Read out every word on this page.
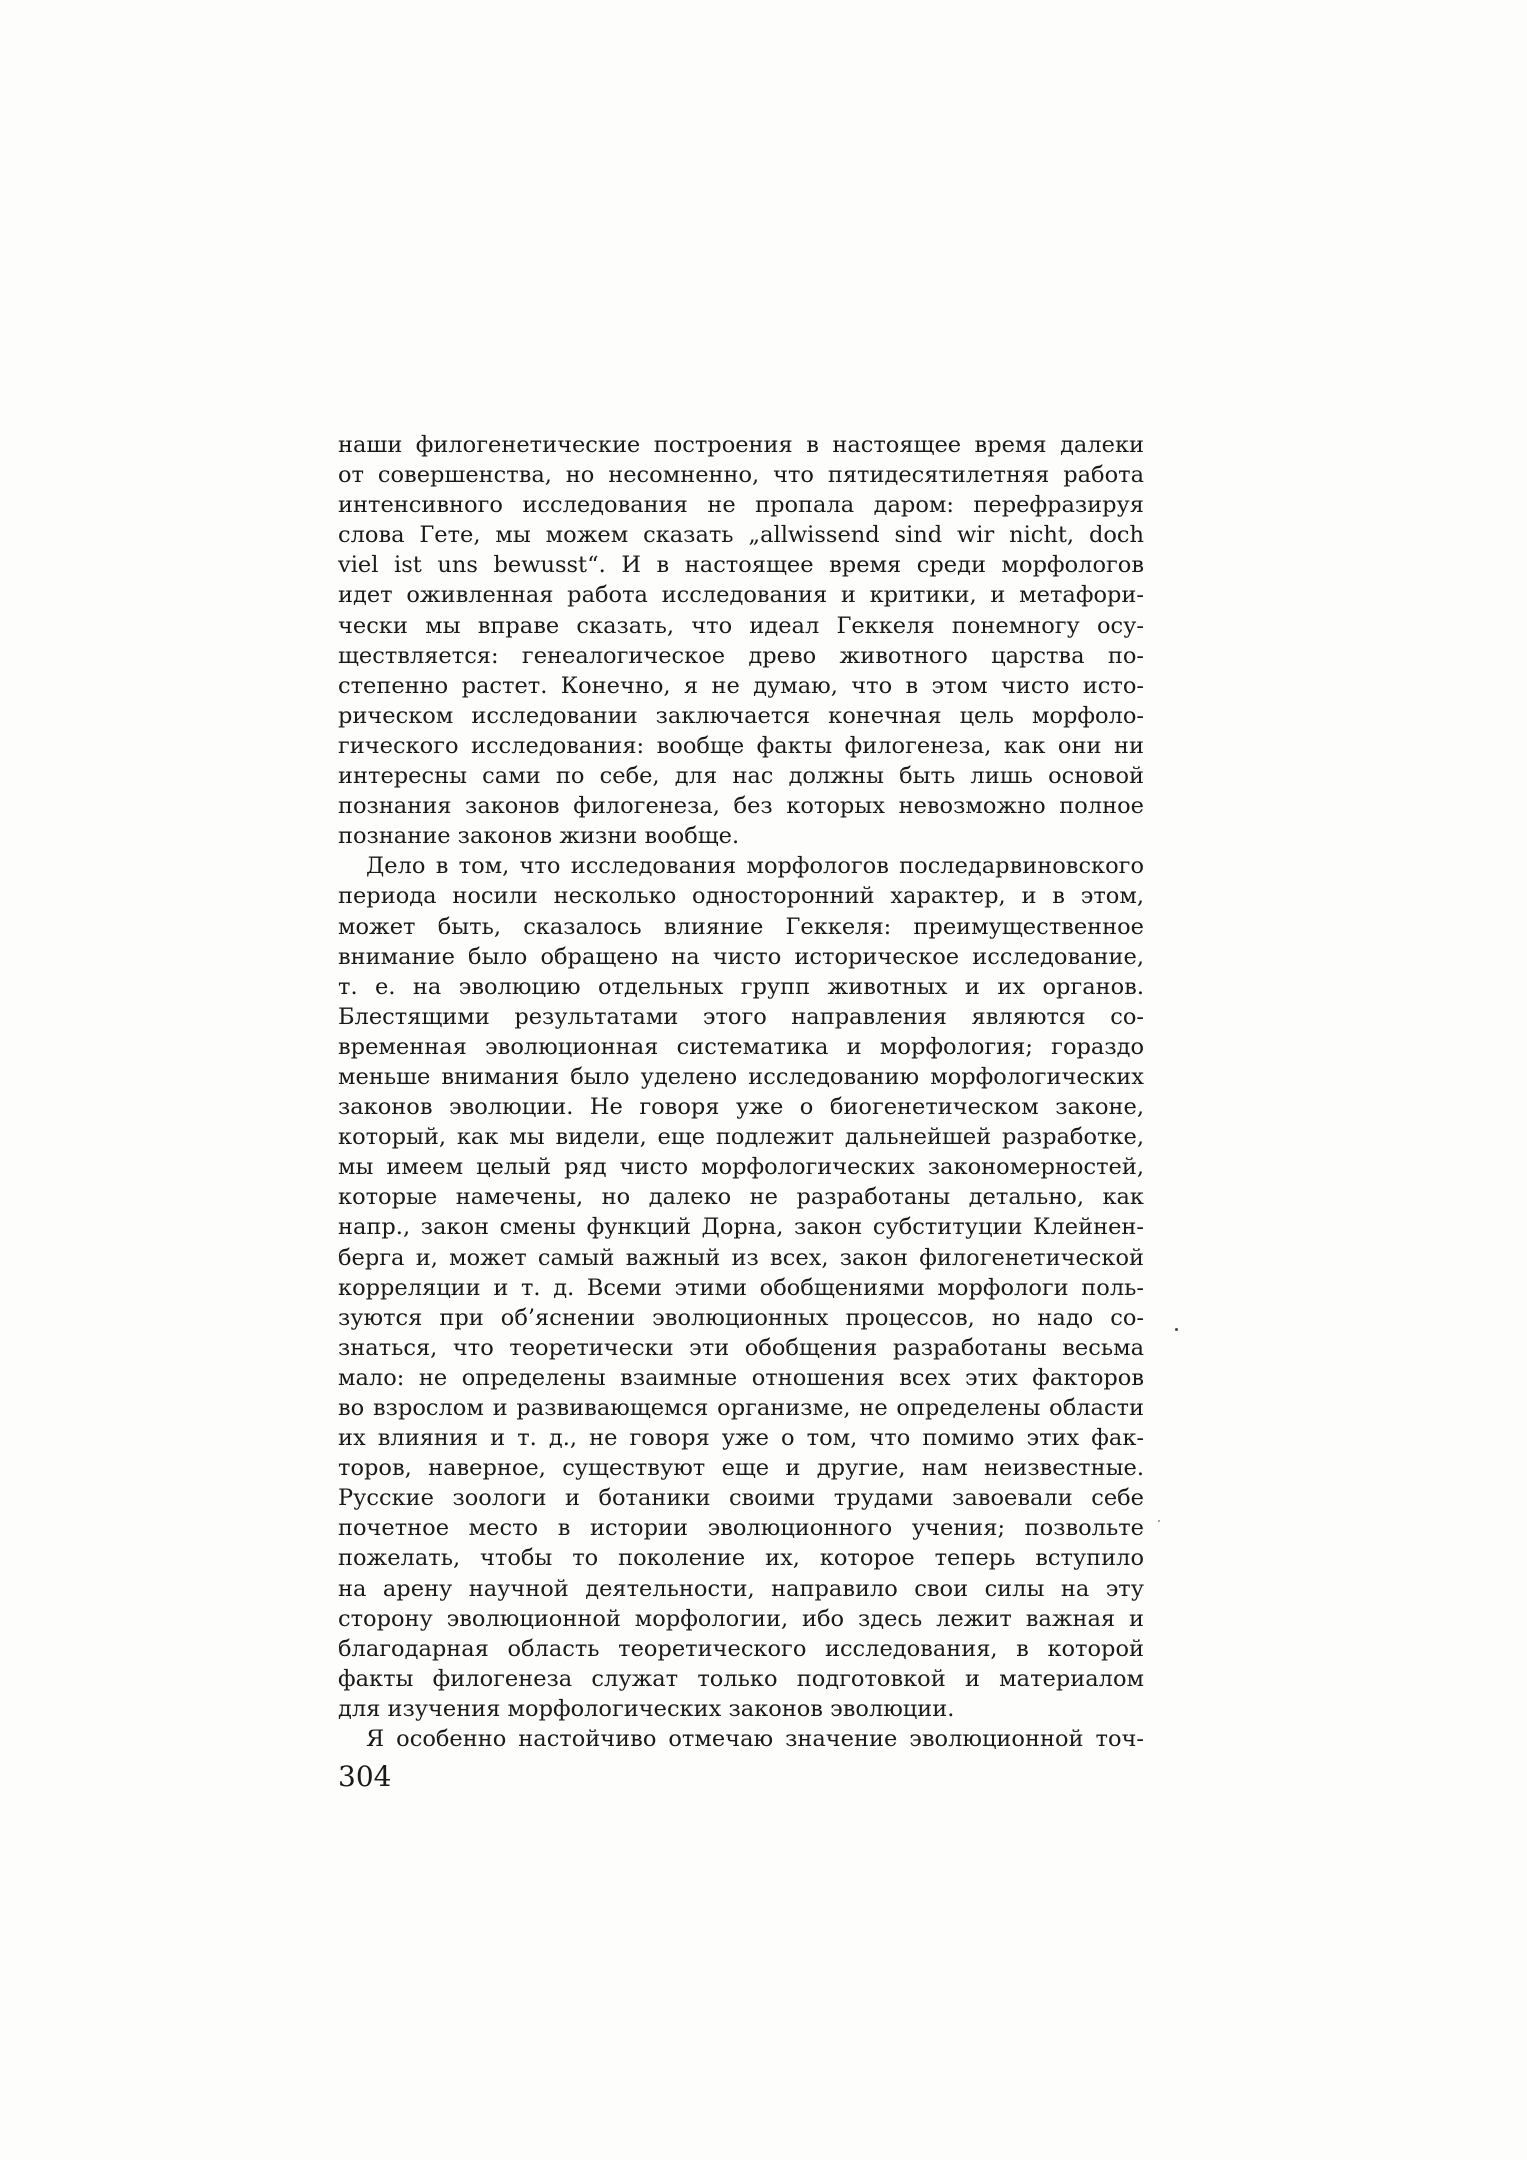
наши филогенетические построения в настоящее время далеки
от совершенства, но несомненно, что пятидесятилетняя работа
интенсивного исследования не пропала даром: перефразируя
слова Гете, мы можем сказать „allwissend sind wir nicht, doch
viel ist uns bewusst“. И в настоящее время среди морфологов
идет оживленная работа исследования и критики, и метафори-
чески мы вправе сказать, что идеал Геккеля понемногу осу-
ществляется: генеалогическое древо животного царства по-
степенно растет. Конечно, я не думаю, что в этом чисто исто-
рическом исследовании заключается конечная цель морфоло-
гического исследования: вообще факты филогенеза, как они ни
интересны сами по себе, для нас должны быть лишь основой
познания законов филогенеза, без которых невозможно полное
познание законов жизни вообще.
Дело в том, что исследования морфологов последарвиновского
периода носили несколько односторонний характер, и в этом,
может быть, сказалось влияние Геккеля: преимущественное
внимание было обращено на чисто историческое исследование,
т. е. на эволюцию отдельных групп животных и их органов.
Блестящими результатами этого направления являются со-
временная эволюционная систематика и морфология; гораздо
меньше внимания было уделено исследованию морфологических
законов эволюции. Не говоря уже о биогенетическом законе,
который, как мы видели, еще подлежит дальнейшей разработке,
мы имеем целый ряд чисто морфологических закономерностей,
которые намечены, но далеко не разработаны детально, как
напр., закон смены функций Дорна, закон субституции Клейнен-
берга и, может самый важный из всех, закон филогенетической
корреляции и т. д. Всеми этими обобщениями морфологи поль-
зуются при об’яснении эволюционных процессов, но надо со-
знаться, что теоретически эти обобщения разработаны весьма
мало: не определены взаимные отношения всех этих факторов
во взрослом и развивающемся организме, не определены области
их влияния и т. д., не говоря уже о том, что помимо этих фак-
торов, наверное, существуют еще и другие, нам неизвестные.
Русские зоологи и ботаники своими трудами завоевали себе
почетное место в истории эволюционного учения; позвольте
пожелать, чтобы то поколение их, которое теперь вступило
на арену научной деятельности, направило свои силы на эту
сторону эволюционной морфологии, ибо здесь лежит важная и
благодарная область теоретического исследования, в которой
факты филогенеза служат только подготовкой и материалом
для изучения морфологических законов эволюции.
Я особенно настойчиво отмечаю значение эволюционной точ-
304
